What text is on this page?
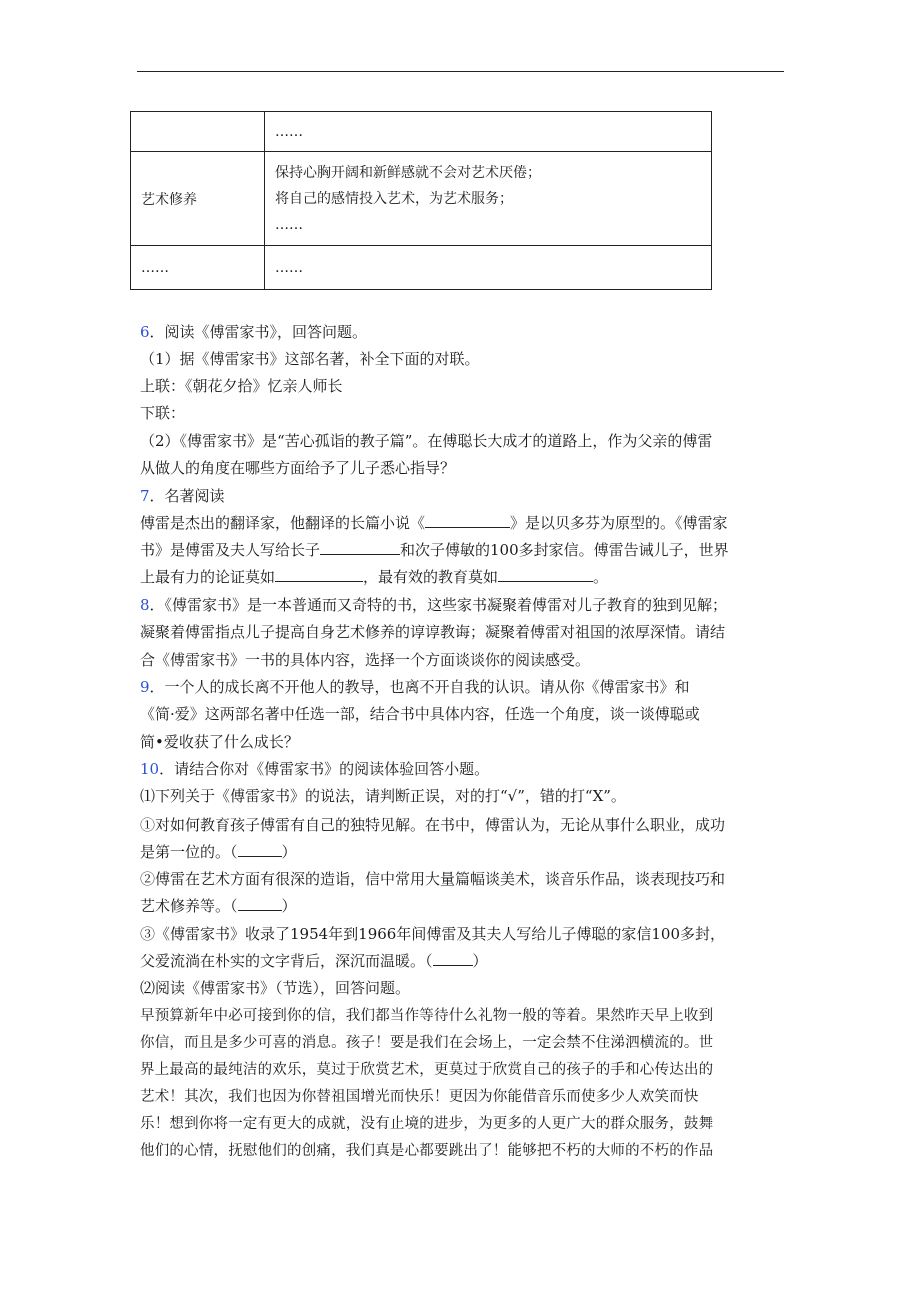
	……

艺术修养	保持心胸开阔和新鲜感就不会对艺术厌倦；
将自己的感情投入艺术，为艺术服务；
……

……	……
6．阅读《傅雷家书》，回答问题。
（1）据《傅雷家书》这部名著，补全下面的对联。
上联：《朝花夕拾》忆亲人师长
下联：
（2）《傅雷家书》是“苦心孤诣的教子篇”。在傅聪长大成才的道路上，作为父亲的傅雷
从做人的角度在哪些方面给予了儿子悉心指导？
7．名著阅读
傅雷是杰出的翻译家，他翻译的长篇小说《	》是以贝多芬为原型的。《傅雷家
书》是傅雷及夫人写给长子	和次子傅敏的100多封家信。傅雷告诫儿子，世界
上最有力的论证莫如	，最有效的教育莫如	。
8．《傅雷家书》是一本普通而又奇特的书，这些家书凝聚着傅雷对儿子教育的独到见解；
凝聚着傅雷指点儿子提高自身艺术修养的谆谆教诲；凝聚着傅雷对祖国的浓厚深情。请结
合《傅雷家书》一书的具体内容，选择一个方面谈谈你的阅读感受。
9．一个人的成长离不开他人的教导，也离不开自我的认识。请从你《傅雷家书》和
《简·爱》这两部名著中任选一部，结合书中具体内容，任选一个角度，谈一谈傅聪或
简•爱收获了什么成长？
10．请结合你对《傅雷家书》的阅读体验回答小题。
⑴下列关于《傅雷家书》的说法，请判断正误，对的打“√”，错的打“X”。
①对如何教育孩子傅雷有自己的独特见解。在书中，傅雷认为，无论从事什么职业，成功
是第一位的。（	）
②傅雷在艺术方面有很深的造诣，信中常用大量篇幅谈美术，谈音乐作品，谈表现技巧和
艺术修养等。（	）
③《傅雷家书》收录了1954年到1966年间傅雷及其夫人写给儿子傅聪的家信100多封，
父爱流淌在朴实的文字背后，深沉而温暖。（	）
⑵阅读《傅雷家书》（节选），回答问题。
早预算新年中必可接到你的信，我们都当作等待什么礼物一般的等着。果然昨天早上收到
你信，而且是多少可喜的消息。孩子！要是我们在会场上，一定会禁不住涕泗横流的。世
界上最高的最纯洁的欢乐，莫过于欣赏艺术，更莫过于欣赏自己的孩子的手和心传达出的
艺术！其次，我们也因为你替祖国增光而快乐！更因为你能借音乐而使多少人欢笑而快
乐！想到你将一定有更大的成就，没有止境的进步，为更多的人更广大的群众服务，鼓舞
他们的心情，抚慰他们的创痛，我们真是心都要跳出了！能够把不朽的大师的不朽的作品
